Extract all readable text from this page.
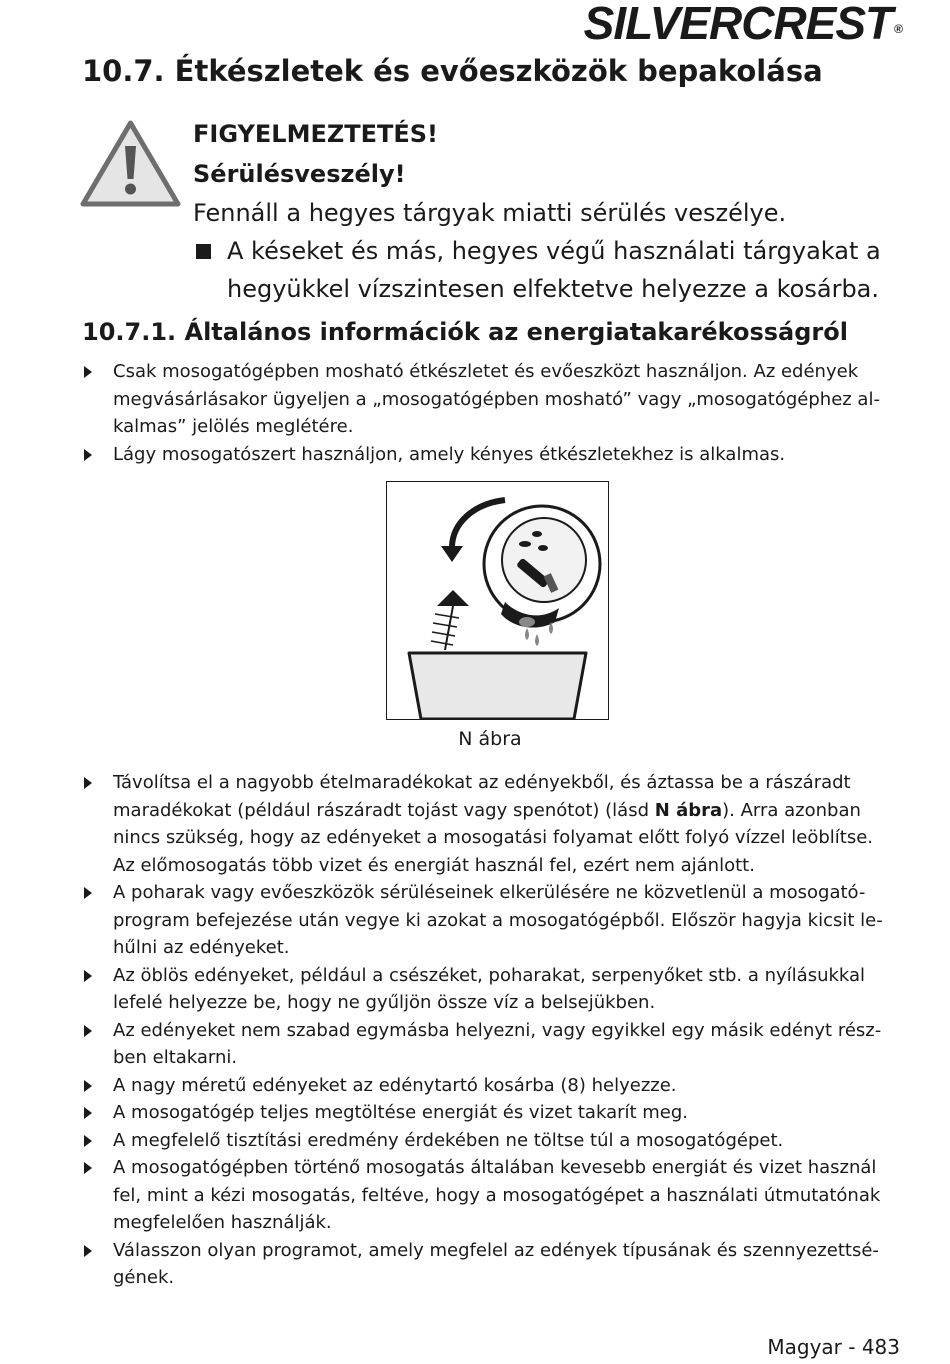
SILVERCREST ®
10.7. Étkészletek és evőeszközök bepakolása

FIGYELMEZTETÉS!

Sérülésveszély!

Fennáll a hegyes tárgyak miatti sérülés veszélye.

A késeket és más, hegyes végű használati tárgyakat a
hegyükkel vízszintesen elfektetve helyezze a kosárba.
10.7.1. Általános információk az energiatakarékosságról
Csak mosogatógépben mosható étkészletet és evőeszközt használjon. Az edények
megvásárlásakor ügyeljen a „mosogatógépben mosható” vagy „mosogatógéphez al-
kalmas” jelölés meglétére.
Lágy mosogatószert használjon, amely kényes étkészletekhez is alkalmas.
N ábra
Távolítsa el a nagyobb ételmaradékokat az edényekből, és áztassa be a rászáradt
maradékokat (például rászáradt tojást vagy spenótot) (lásd N ábra). Arra azonban
nincs szükség, hogy az edényeket a mosogatási folyamat előtt folyó vízzel leöblítse.
Az előmosogatás több vizet és energiát használ fel, ezért nem ajánlott.
A poharak vagy evőeszközök sérüléseinek elkerülésére ne közvetlenül a mosogató-
program befejezése után vegye ki azokat a mosogatógépből. Először hagyja kicsit le-
hűlni az edényeket.
Az öblös edényeket, például a csészéket, poharakat, serpenyőket stb. a nyílásukkal
lefelé helyezze be, hogy ne gyűljön össze víz a belsejükben.
Az edényeket nem szabad egymásba helyezni, vagy egyikkel egy másik edényt rész-
ben eltakarni.
A nagy méretű edényeket az edénytartó kosárba (8) helyezze.
A mosogatógép teljes megtöltése energiát és vizet takarít meg.
A megfelelő tisztítási eredmény érdekében ne töltse túl a mosogatógépet.
A mosogatógépben történő mosogatás általában kevesebb energiát és vizet használ
fel, mint a kézi mosogatás, feltéve, hogy a mosogatógépet a használati útmutatónak
megfelelően használják.
Válasszon olyan programot, amely megfelel az edények típusának és szennyezettsé-
gének.
Magyar - 483
